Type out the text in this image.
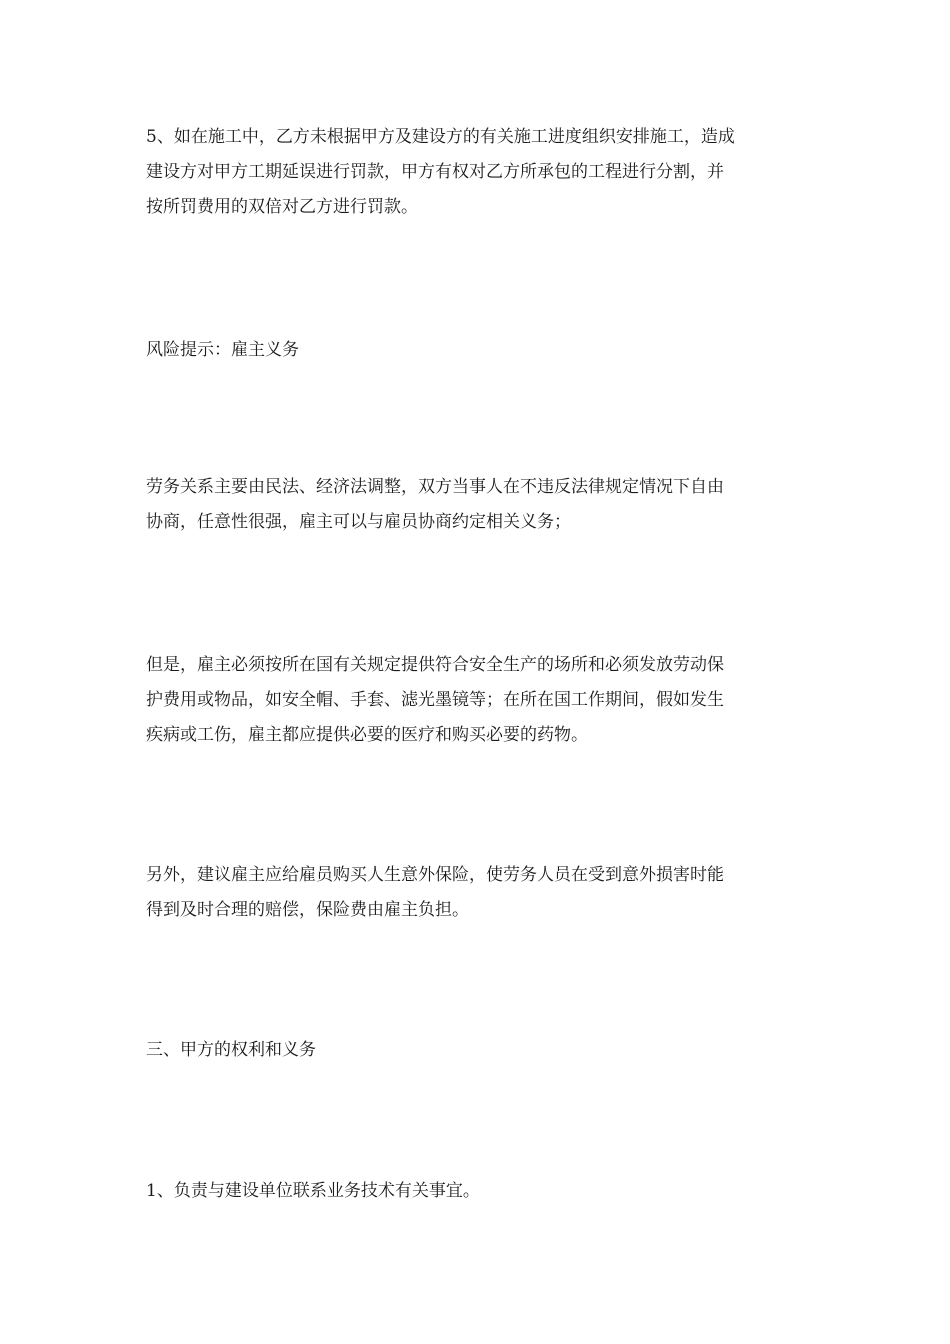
5、如在施工中，乙方未根据甲方及建设方的有关施工进度组织安排施工，造成
建设方对甲方工期延误进行罚款，甲方有权对乙方所承包的工程进行分割，并
按所罚费用的双倍对乙方进行罚款。

风险提示：雇主义务

劳务关系主要由民法、经济法调整，双方当事人在不违反法律规定情况下自由
协商，任意性很强，雇主可以与雇员协商约定相关义务；

但是，雇主必须按所在国有关规定提供符合安全生产的场所和必须发放劳动保
护费用或物品，如安全帽、手套、滤光墨镜等；在所在国工作期间，假如发生
疾病或工伤，雇主都应提供必要的医疗和购买必要的药物。

另外，建议雇主应给雇员购买人生意外保险，使劳务人员在受到意外损害时能
得到及时合理的赔偿，保险费由雇主负担。

三、甲方的权利和义务

1、负责与建设单位联系业务技术有关事宜。
